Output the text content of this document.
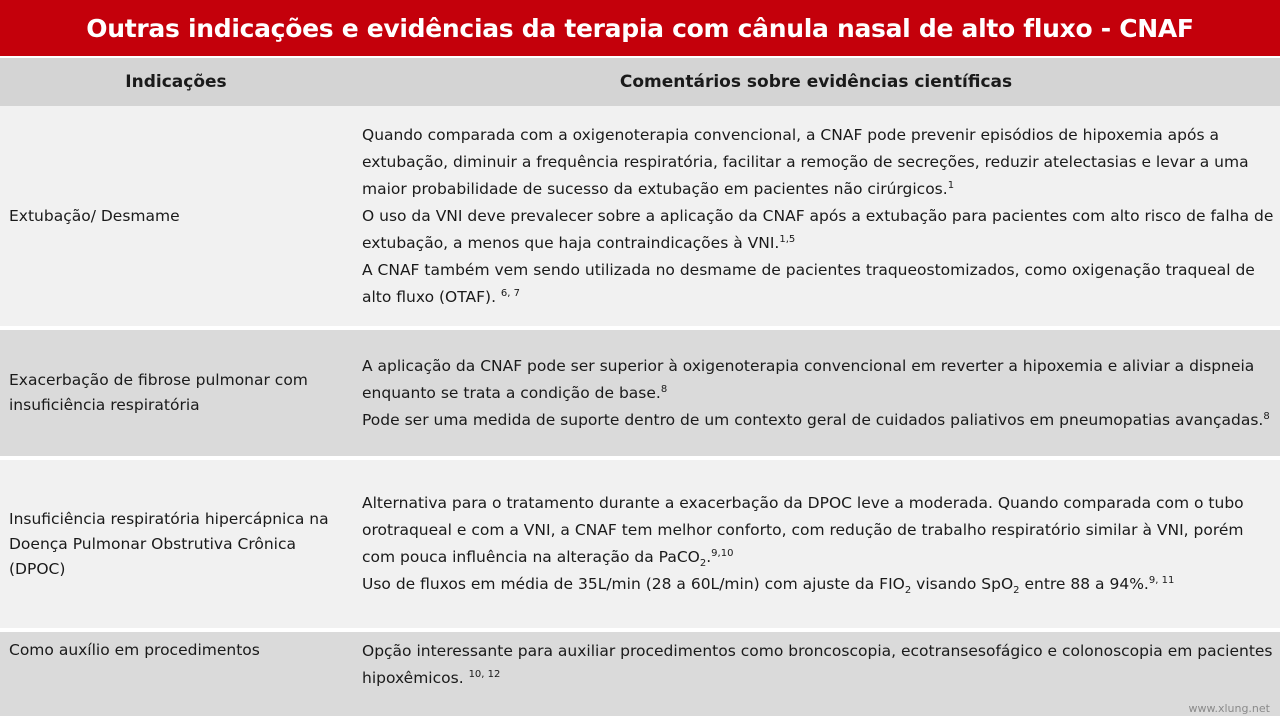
Outras indicações e evidências da terapia com cânula nasal de alto fluxo - CNAF
Indicações	Comentários sobre evidências científicas
Extubação/ Desmame

Quando comparada com a oxigenoterapia convencional, a CNAF pode prevenir episódios de hipoxemia após a extubação, diminuir a frequência respiratória, facilitar a remoção de secreções, reduzir atelectasias e levar a uma maior probabilidade de sucesso da extubação em pacientes não cirúrgicos.$^1$

O uso da VNI deve prevalecer sobre a aplicação da CNAF após a extubação para pacientes com alto risco de falha de extubação, a menos que haja contraindicações à VNI.$^{1,5}$

A CNAF também vem sendo utilizada no desmame de pacientes traqueostomizados, como oxigenação traqueal de alto fluxo (OTAF). $^{6, 7}$

Exacerbação de fibrose pulmonar com insuficiência respiratória

A aplicação da CNAF pode ser superior à oxigenoterapia convencional em reverter a hipoxemia e aliviar a dispneia enquanto se trata a condição de base.$^8$

Pode ser uma medida de suporte dentro de um contexto geral de cuidados paliativos em pneumopatias avançadas.$^8$

Insuficiência respiratória hipercápnica na Doença Pulmonar Obstrutiva Crônica (DPOC)

Alternativa para o tratamento durante a exacerbação da DPOC leve a moderada. Quando comparada com o tubo orotraqueal e com a VNI, a CNAF tem melhor conforto, com redução de trabalho respiratório similar à VNI, porém com pouca influência na alteração da PaCO$_2$.$^{9,10}$

Uso de fluxos em média de 35L/min (28 a 60L/min) com ajuste da $FIO_2$ visando SpO$_2$ entre 88 a 94%.$^{9, 11}$

Como auxílio em procedimentos	Opção interessante para auxiliar procedimentos como broncoscopia, ecotransesofágico e colonoscopia em pacientes hipoxêmicos. $^{10, 12}$

www.xlung.net
